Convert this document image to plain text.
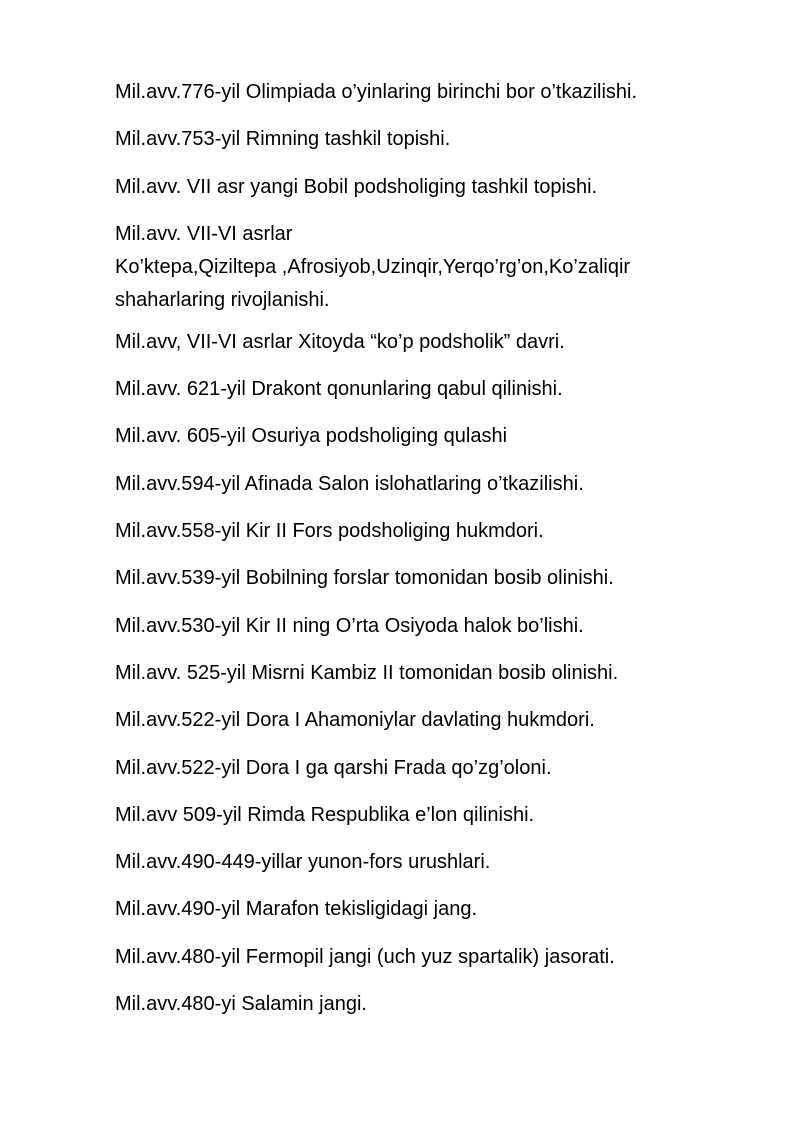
Mil.avv.776-yil Olimpiada o’yinlaring birinchi bor o’tkazilishi.
Mil.avv.753-yil Rimning tashkil topishi.
Mil.avv. VII asr yangi Bobil podsholiging tashkil topishi.
Mil.avv. VII-VI asrlar
Ko’ktepa,Qiziltepa ,Afrosiyob,Uzinqir,Yerqo’rg’on,Ko’zaliqir
shaharlaring rivojlanishi.
Mil.avv, VII-VI asrlar Xitoyda “ko’p podsholik” davri.
Mil.avv. 621-yil Drakont qonunlaring qabul qilinishi.
Mil.avv. 605-yil Osuriya podsholiging qulashi
Mil.avv.594-yil Afinada Salon islohatlaring o’tkazilishi.
Mil.avv.558-yil Kir II Fors podsholiging hukmdori.
Mil.avv.539-yil Bobilning forslar tomonidan bosib olinishi.
Mil.avv.530-yil Kir II ning O’rta Osiyoda halok bo’lishi.
Mil.avv. 525-yil Misrni Kambiz II tomonidan bosib olinishi.
Mil.avv.522-yil Dora I Ahamoniylar davlating hukmdori.
Mil.avv.522-yil Dora I ga qarshi Frada qo’zg’oloni.
Mil.avv 509-yil Rimda Respublika e’lon qilinishi.
Mil.avv.490-449-yillar yunon-fors urushlari.
Mil.avv.490-yil Marafon tekisligidagi jang.
Mil.avv.480-yil Fermopil jangi (uch yuz spartalik) jasorati.
Mil.avv.480-yi Salamin jangi.
